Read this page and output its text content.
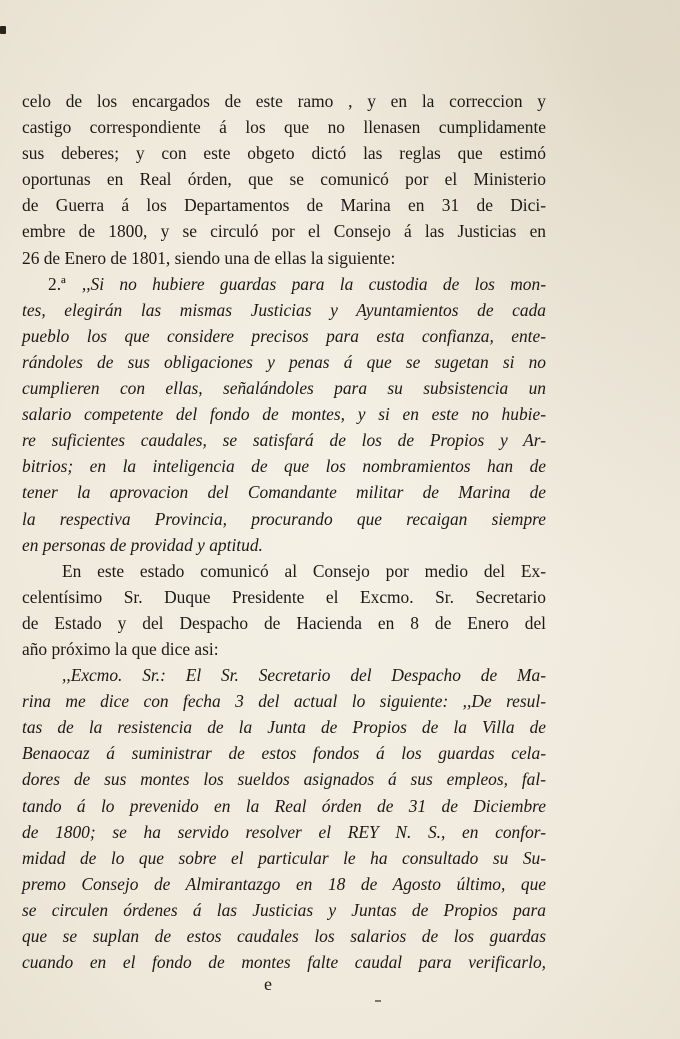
celo de los encargados de este ramo , y en la correccion y
castigo correspondiente á los que no llenasen cumplidamente
sus deberes; y con este obgeto dictó las reglas que estimó
oportunas en Real órden, que se comunicó por el Ministerio
de Guerra á los Departamentos de Marina en 31 de Dici-
embre de 1800, y se circuló por el Consejo á las Justicias en
26 de Enero de 1801, siendo una de ellas la siguiente:
2.ª ,,Si no hubiere guardas para la custodia de los mon-
tes, elegirán las mismas Justicias y Ayuntamientos de cada
pueblo los que considere precisos para esta confianza, ente-
rándoles de sus obligaciones y penas á que se sugetan si no
cumplieren con ellas, señalándoles para su subsistencia un
salario competente del fondo de montes, y si en este no hubie-
re suficientes caudales, se satisfará de los de Propios y Ar-
bitrios; en la inteligencia de que los nombramientos han de
tener la aprovacion del Comandante militar de Marina de
la respectiva Provincia, procurando que recaigan siempre
en personas de providad y aptitud.
En este estado comunicó al Consejo por medio del Ex-
celentísimo Sr. Duque Presidente el Excmo. Sr. Secretario
de Estado y del Despacho de Hacienda en 8 de Enero del
año próximo la que dice asi:
,,Excmo. Sr.: El Sr. Secretario del Despacho de Ma-
rina me dice con fecha 3 del actual lo siguiente: ,,De resul-
tas de la resistencia de la Junta de Propios de la Villa de
Benaocaz á suministrar de estos fondos á los guardas cela-
dores de sus montes los sueldos asignados á sus empleos, fal-
tando á lo prevenido en la Real órden de 31 de Diciembre
de 1800; se ha servido resolver el REY N. S., en confor-
midad de lo que sobre el particular le ha consultado su Su-
premo Consejo de Almirantazgo en 18 de Agosto último, que
se circulen órdenes á las Justicias y Juntas de Propios para
que se suplan de estos caudales los salarios de los guardas
cuando en el fondo de montes falte caudal para verificarlo,
e
